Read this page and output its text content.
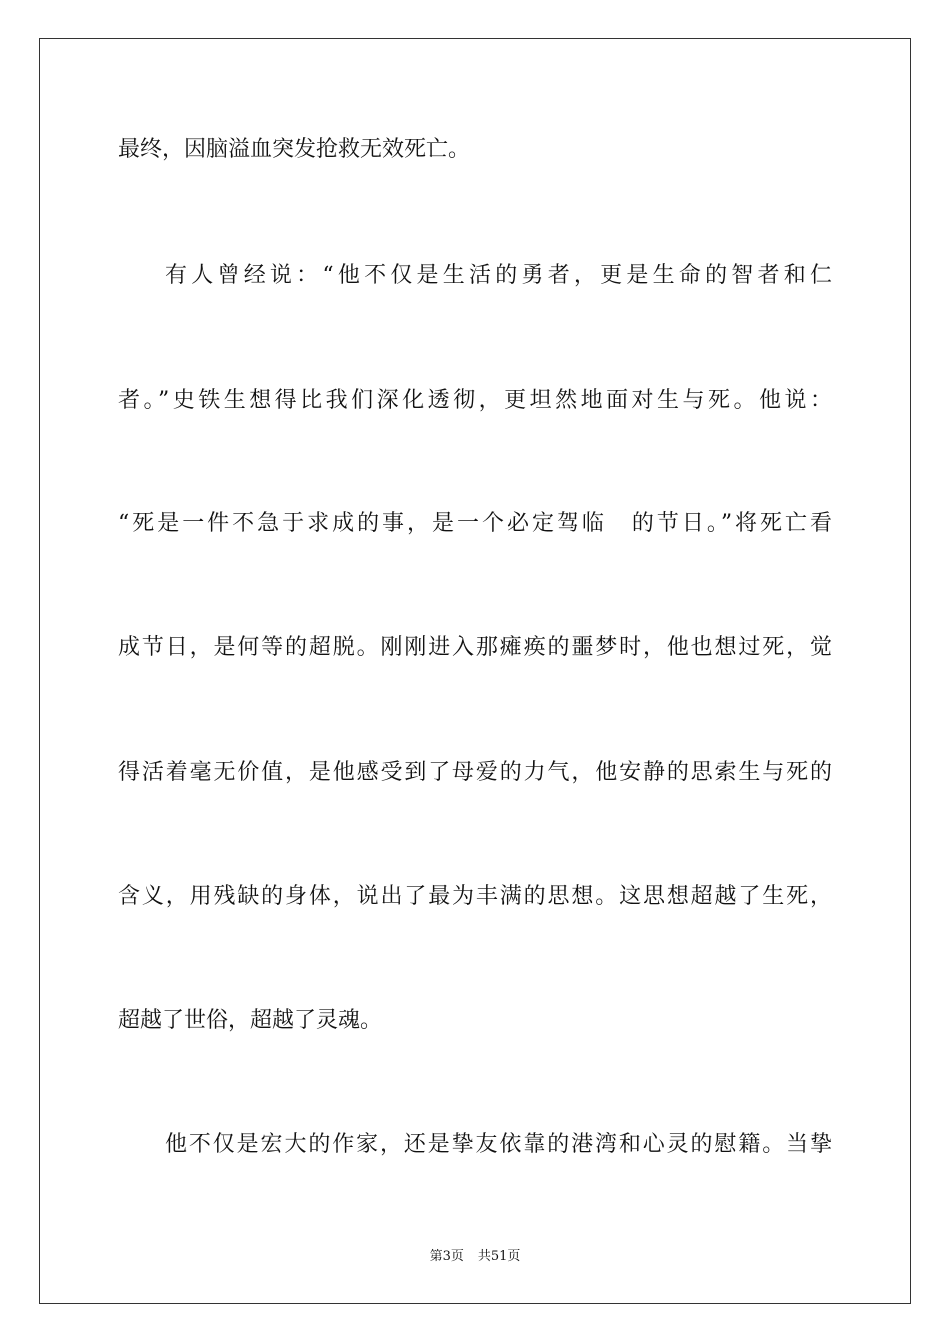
最终，因脑溢血突发抢救无效死亡。
有人曾经说：“他不仅是生活的勇者，更是生命的智者和仁
者。”史铁生想得比我们深化透彻，更坦然地面对生与死。他说：
“死是一件不急于求成的事，是一个必定驾临　的节日。”将死亡看
成节日，是何等的超脱。刚刚进入那瘫痪的噩梦时，他也想过死，觉
得活着毫无价值，是他感受到了母爱的力气，他安静的思索生与死的
含义，用残缺的身体，说出了最为丰满的思想。这思想超越了生死，
超越了世俗，超越了灵魂。
他不仅是宏大的作家，还是挚友依靠的港湾和心灵的慰籍。当挚
第3页 共51页
